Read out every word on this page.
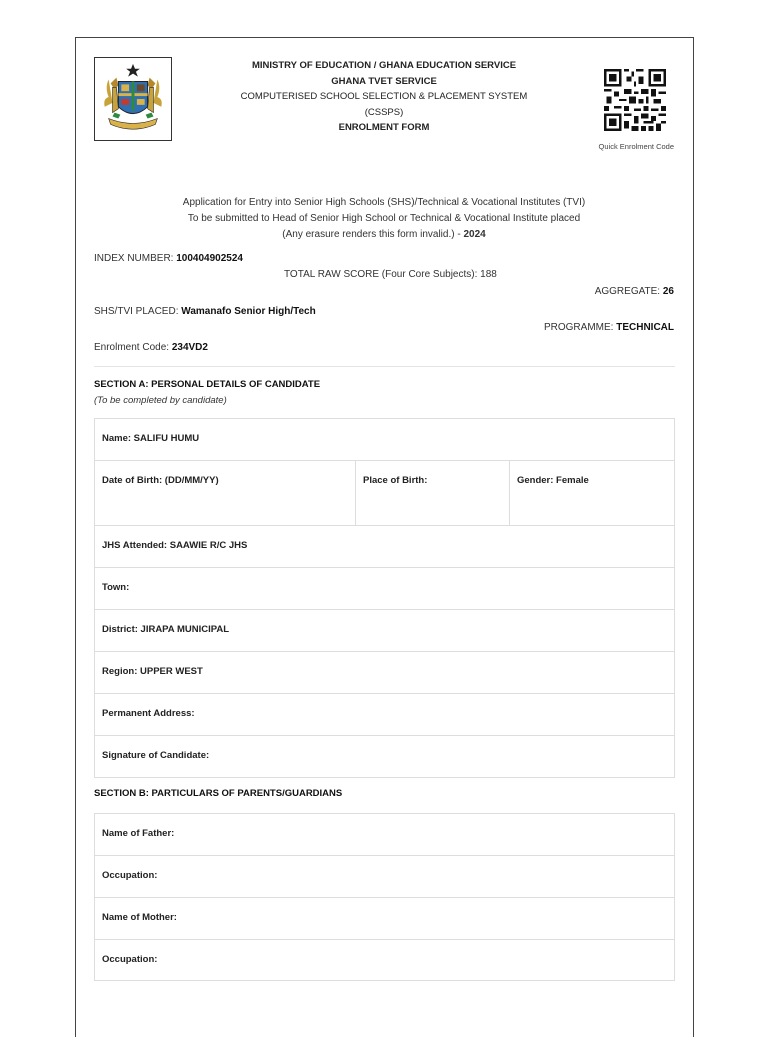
MINISTRY OF EDUCATION / GHANA EDUCATION SERVICE
GHANA TVET SERVICE
COMPUTERISED SCHOOL SELECTION & PLACEMENT SYSTEM
(CSSPS)
ENROLMENT FORM
Quick Enrolment Code
Application for Entry into Senior High Schools (SHS)/Technical & Vocational Institutes (TVI)
To be submitted to Head of Senior High School or Technical & Vocational Institute placed
(Any erasure renders this form invalid.) - 2024
INDEX NUMBER: 100404902524
TOTAL RAW SCORE (Four Core Subjects): 188
AGGREGATE: 26
SHS/TVI PLACED: Wamanafo Senior High/Tech
PROGRAMME: TECHNICAL
Enrolment Code: 234VD2
SECTION A: PERSONAL DETAILS OF CANDIDATE
(To be completed by candidate)
Name: SALIFU HUMU
Date of Birth: (DD/MM/YY)	Place of Birth:	Gender: Female
JHS Attended: SAAWIE R/C JHS
Town:
District: JIRAPA MUNICIPAL
Region: UPPER WEST
Permanent Address:
Signature of Candidate:
SECTION B: PARTICULARS OF PARENTS/GUARDIANS
Name of Father:
Occupation:
Name of Mother:
Occupation:
